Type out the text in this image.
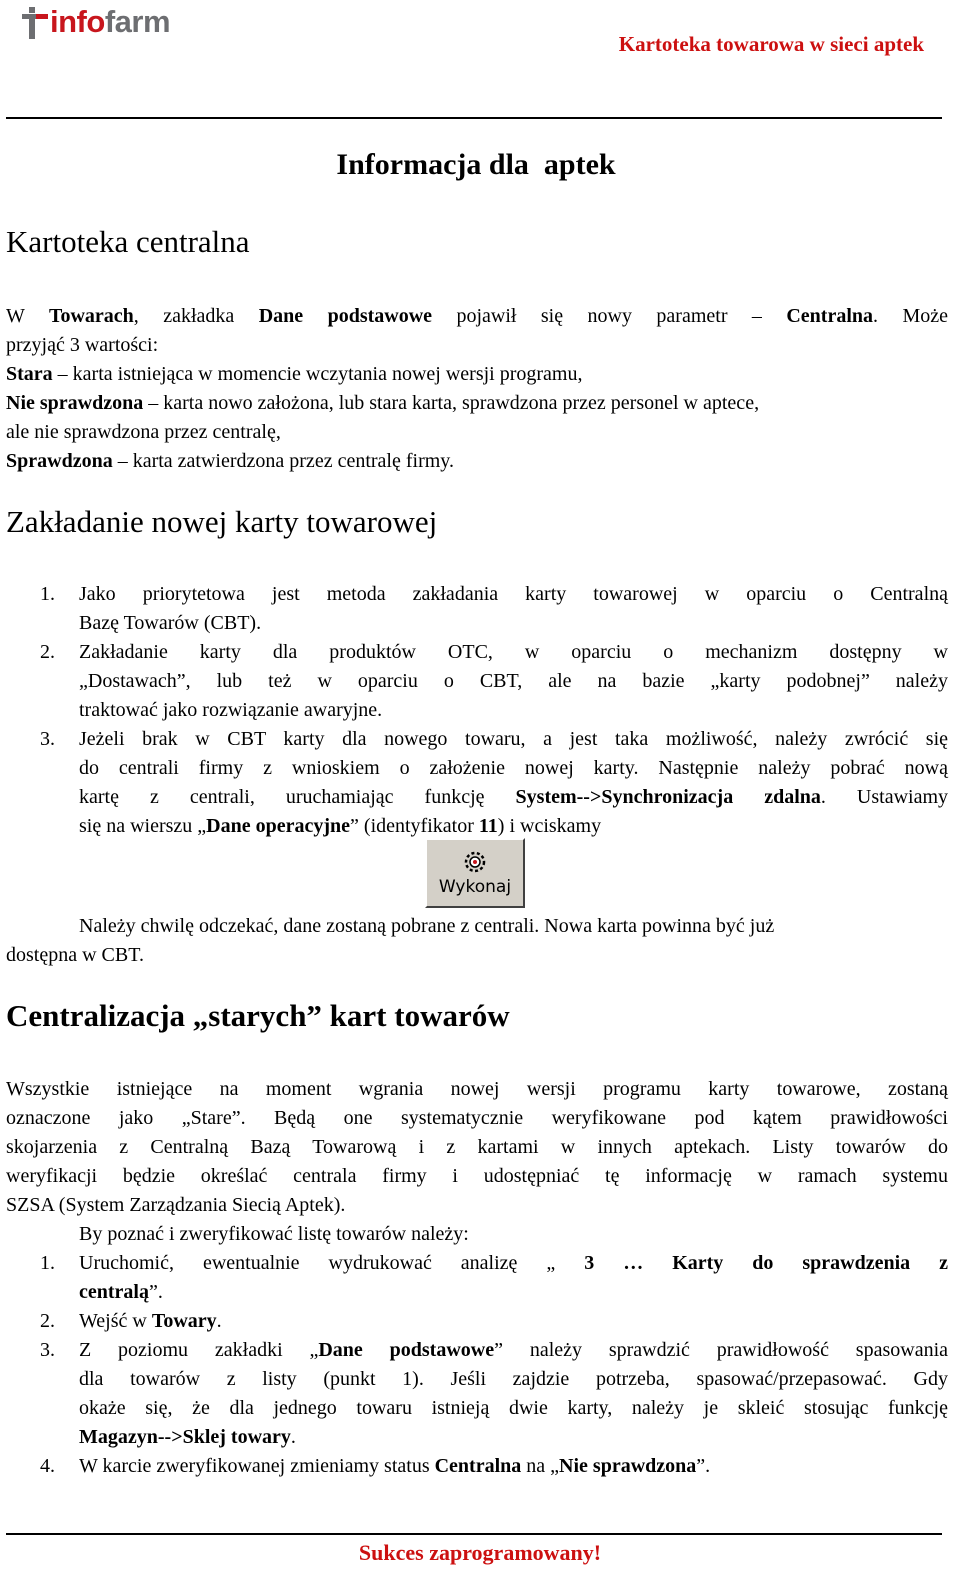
info farm
Kartoteka towarowa w sieci aptek
Informacja dla  aptek
Kartoteka centralna
W Towarach, zakładka Dane podstawowe pojawił się nowy parametr – Centralna. Może
przyjąć 3 wartości:
Stara – karta istniejąca w momencie wczytania nowej wersji programu,
Nie sprawdzona – karta nowo założona, lub stara karta, sprawdzona przez personel w aptece,
ale nie sprawdzona przez centralę,
Sprawdzona – karta zatwierdzona przez centralę firmy.
Zakładanie nowej karty towarowej
1. Jako priorytetowa jest metoda zakładania karty towarowej w oparciu o Centralną
Bazę Towarów (CBT).
2. Zakładanie karty dla produktów OTC, w oparciu o mechanizm dostępny w
„Dostawach”, lub też w oparciu o CBT, ale na bazie „karty podobnej” należy
traktować jako rozwiązanie awaryjne.
3. Jeżeli brak w CBT karty dla nowego towaru, a jest taka możliwość, należy zwrócić się
do centrali firmy z wnioskiem o założenie nowej karty. Następnie należy pobrać nową
kartę z centrali, uruchamiając funkcję System-->Synchronizacja zdalna. Ustawiamy
się na wierszu „Dane operacyjne” (identyfikator 11) i wciskamy
Wykonaj
Należy chwilę odczekać, dane zostaną pobrane z centrali. Nowa karta powinna być już
dostępna w CBT.
Centralizacja „starych” kart towarów
Wszystkie istniejące na moment wgrania nowej wersji programu karty towarowe, zostaną
oznaczone jako „Stare”. Będą one systematycznie weryfikowane pod kątem prawidłowości
skojarzenia z Centralną Bazą Towarową i z kartami w innych aptekach. Listy towarów do
weryfikacji będzie określać centrala firmy i udostępniać tę informację w ramach systemu
SZSA (System Zarządzania Siecią Aptek).
By poznać i zweryfikować listę towarów należy:
1. Uruchomić, ewentualnie wydrukować analizę „ 3 … Karty do sprawdzenia z
centralą”.
2. Wejść w Towary.
3. Z poziomu zakładki „Dane podstawowe” należy sprawdzić prawidłowość spasowania
dla towarów z listy (punkt 1). Jeśli zajdzie potrzeba, spasować/przepasować. Gdy
okaże się, że dla jednego towaru istnieją dwie karty, należy je skleić stosując funkcję
Magazyn-->Sklej towary.
4. W karcie zweryfikowanej zmieniamy status Centralna na „Nie sprawdzona”.
Sukces zaprogramowany!
